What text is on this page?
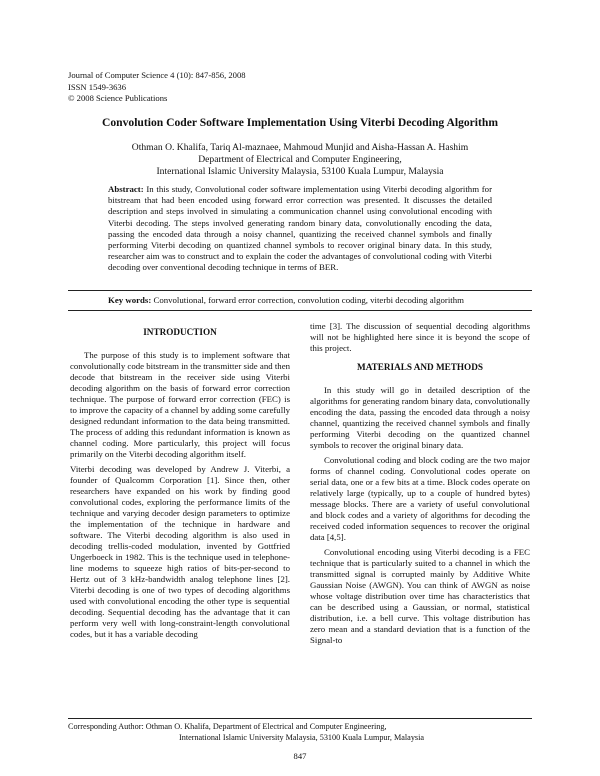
Journal of Computer Science 4 (10): 847-856, 2008
ISSN 1549-3636
© 2008 Science Publications
Convolution Coder Software Implementation Using Viterbi Decoding Algorithm
Othman O. Khalifa, Tariq Al-maznaee, Mahmoud Munjid and Aisha-Hassan A. Hashim
Department of Electrical and Computer Engineering,
International Islamic University Malaysia, 53100 Kuala Lumpur, Malaysia

Abstract: In this study, Convolutional coder software implementation using Viterbi decoding algorithm for bitstream that had been encoded using forward error correction was presented. It discusses the detailed description and steps involved in simulating a communication channel using convolutional encoding with Viterbi decoding. The steps involved generating random binary data, convolutionally encoding the data, passing the encoded data through a noisy channel, quantizing the received channel symbols and finally performing Viterbi decoding on quantized channel symbols to recover original binary data. In this study, researcher aim was to construct and to explain the coder the advantages of convolutional coding with Viterbi decoding over conventional decoding technique in terms of BER.

Key words: Convolutional, forward error correction, convolution coding, viterbi decoding algorithm

INTRODUCTION

The purpose of this study is to implement software that convolutionally code bitstream in the transmitter side and then decode that bitstream in the receiver side using Viterbi decoding algorithm on the basis of forward error correction technique. The purpose of forward error correction (FEC) is to improve the capacity of a channel by adding some carefully designed redundant information to the data being transmitted. The process of adding this redundant information is known as channel coding. More particularly, this project will focus primarily on the Viterbi decoding algorithm itself.

Viterbi decoding was developed by Andrew J. Viterbi, a founder of Qualcomm Corporation [1]. Since then, other researchers have expanded on his work by finding good convolutional codes, exploring the performance limits of the technique and varying decoder design parameters to optimize the implementation of the technique in hardware and software. The Viterbi decoding algorithm is also used in decoding trellis-coded modulation, invented by Gottfried Ungerboeck in 1982. This is the technique used in telephone-line modems to squeeze high ratios of bits-per-second to Hertz out of 3 kHz-bandwidth analog telephone lines [2]. Viterbi decoding is one of two types of decoding algorithms used with convolutional encoding the other type is sequential decoding. Sequential decoding has the advantage that it can perform very well with long-constraint-length convolutional codes, but it has a variable decoding

time [3]. The discussion of sequential decoding algorithms will not be highlighted here since it is beyond the scope of this project.

MATERIALS AND METHODS

In this study will go in detailed description of the algorithms for generating random binary data, convolutionally encoding the data, passing the encoded data through a noisy channel, quantizing the received channel symbols and finally performing Viterbi decoding on the quantized channel symbols to recover the original binary data.

Convolutional coding and block coding are the two major forms of channel coding. Convolutional codes operate on serial data, one or a few bits at a time. Block codes operate on relatively large (typically, up to a couple of hundred bytes) message blocks. There are a variety of useful convolutional and block codes and a variety of algorithms for decoding the received coded information sequences to recover the original data [4,5].

Convolutional encoding using Viterbi decoding is a FEC technique that is particularly suited to a channel in which the transmitted signal is corrupted mainly by Additive White Gaussian Noise (AWGN). You can think of AWGN as noise whose voltage distribution over time has characteristics that can be described using a Gaussian, or normal, statistical distribution, i.e. a bell curve. This voltage distribution has zero mean and a standard deviation that is a function of the Signal-to

Corresponding Author: Othman O. Khalifa, Department of Electrical and Computer Engineering,
International Islamic University Malaysia, 53100 Kuala Lumpur, Malaysia
847
